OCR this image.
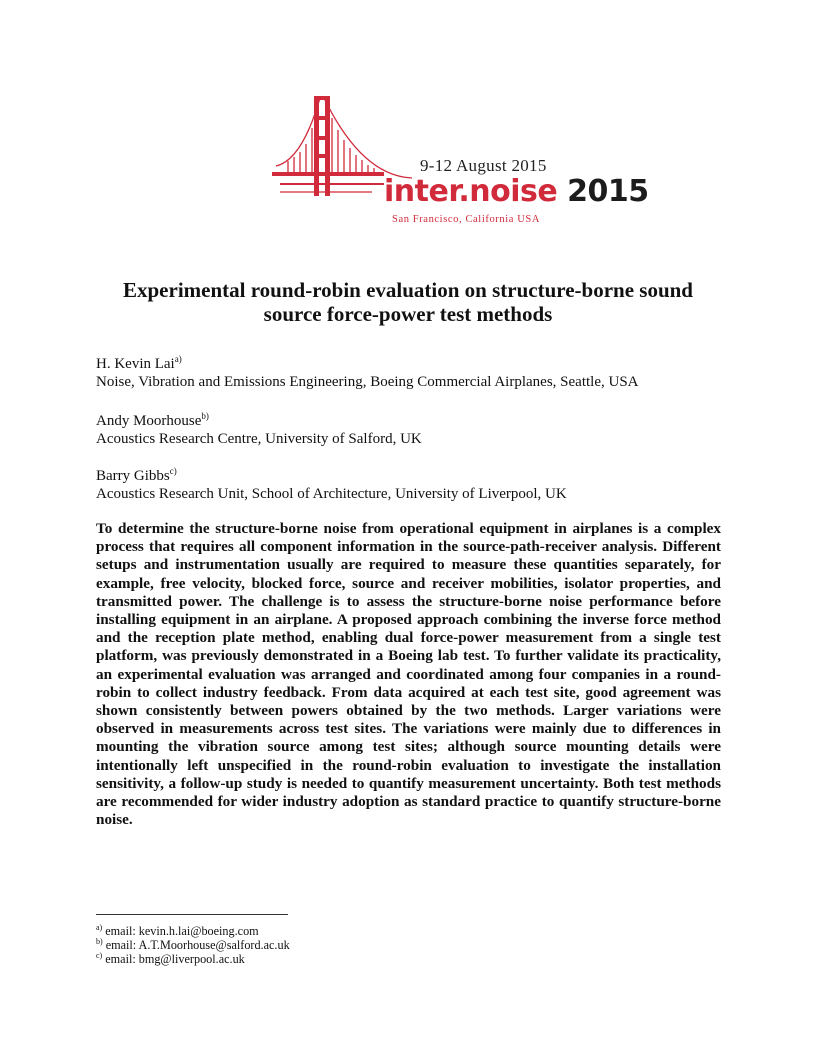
9-12 August 2015
inter.noise 2015
San Francisco, California USA
Experimental round-robin evaluation on structure-borne sound
source force-power test methods
H. Kevin Lai$^{a)}$
Noise, Vibration and Emissions Engineering, Boeing Commercial Airplanes, Seattle, USA
Andy Moorhouse$^{b)}$
Acoustics Research Centre, University of Salford, UK
Barry Gibbs$^{c)}$
Acoustics Research Unit, School of Architecture, University of Liverpool, UK

To determine the structure-borne noise from operational equipment in airplanes is a complex process that requires all component information in the source-path-receiver analysis. Different setups and instrumentation usually are required to measure these quantities separately, for example, free velocity, blocked force, source and receiver mobilities, isolator properties, and transmitted power. The challenge is to assess the structure-borne noise performance before installing equipment in an airplane. A proposed approach combining the inverse force method and the reception plate method, enabling dual force-power measurement from a single test platform, was previously demonstrated in a Boeing lab test. To further validate its practicality, an experimental evaluation was arranged and coordinated among four companies in a round-robin to collect industry feedback. From data acquired at each test site, good agreement was shown consistently between powers obtained by the two methods. Larger variations were observed in measurements across test sites. The variations were mainly due to differences in mounting the vibration source among test sites; although source mounting details were intentionally left unspecified in the round-robin evaluation to investigate the installation sensitivity, a follow-up study is needed to quantify measurement uncertainty. Both test methods are recommended for wider industry adoption as standard practice to quantify structure-borne noise.

$^{a)}$ email: kevin.h.lai@boeing.com
$^{b)}$ email: A.T.Moorhouse@salford.ac.uk
$^{c)}$ email: bmg@liverpool.ac.uk
